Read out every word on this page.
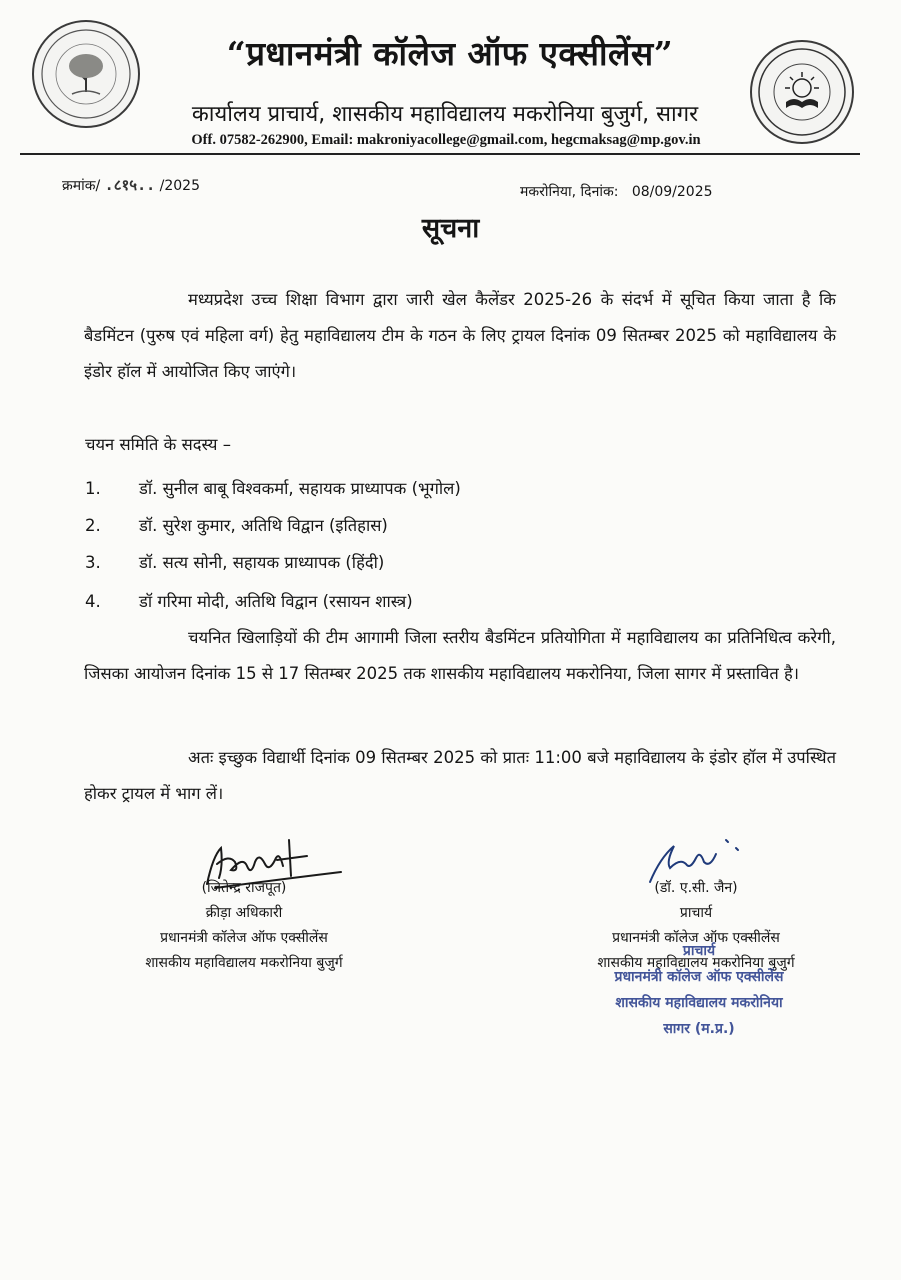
“प्रधानमंत्री कॉलेज ऑफ एक्सीलेंस”
कार्यालय प्राचार्य, शासकीय महाविद्यालय मकरोनिया बुजुर्ग, सागर
Off. 07582-262900, Email: makroniyacollege@gmail.com, hegcmaksag@mp.gov.in
क्रमांक/ .८१५.. /2025	मकरोनिया, दिनांक: 08/09/2025
सूचना
मध्यप्रदेश उच्च शिक्षा विभाग द्वारा जारी खेल कैलेंडर 2025-26 के संदर्भ में सूचित किया जाता है कि बैडमिंटन (पुरुष एवं महिला वर्ग) हेतु महाविद्यालय टीम के गठन के लिए ट्रायल दिनांक 09 सितम्बर 2025 को महाविद्यालय के इंडोर हॉल में आयोजित किए जाएंगे।
चयन समिति के सदस्य –
1. डॉ. सुनील बाबू विश्वकर्मा, सहायक प्राध्यापक (भूगोल)
2. डॉ. सुरेश कुमार, अतिथि विद्वान (इतिहास)
3. डॉ. सत्य सोनी, सहायक प्राध्यापक (हिंदी)
4. डॉ गरिमा मोदी, अतिथि विद्वान (रसायन शास्त्र)
चयनित खिलाड़ियों की टीम आगामी जिला स्तरीय बैडमिंटन प्रतियोगिता में महाविद्यालय का प्रतिनिधित्व करेगी, जिसका आयोजन दिनांक 15 से 17 सितम्बर 2025 तक शासकीय महाविद्यालय मकरोनिया, जिला सागर में प्रस्तावित है।
अतः इच्छुक विद्यार्थी दिनांक 09 सितम्बर 2025 को प्रातः 11:00 बजे महाविद्यालय के इंडोर हॉल में उपस्थित होकर ट्रायल में भाग लें।
(जितेन्द्र राजपूत)
क्रीड़ा अधिकारी
प्रधानमंत्री कॉलेज ऑफ एक्सीलेंस
शासकीय महाविद्यालय मकरोनिया बुजुर्ग
(डॉ. ए.सी. जैन)
प्राचार्य
प्रधानमंत्री कॉलेज ऑफ एक्सीलेंस
शासकीय महाविद्यालय मकरोनिया बुजुर्ग
प्राचार्य
प्रधानमंत्री कॉलेज ऑफ एक्सीलेंस
शासकीय महाविद्यालय मकरोनिया
सागर (म.प्र.)
